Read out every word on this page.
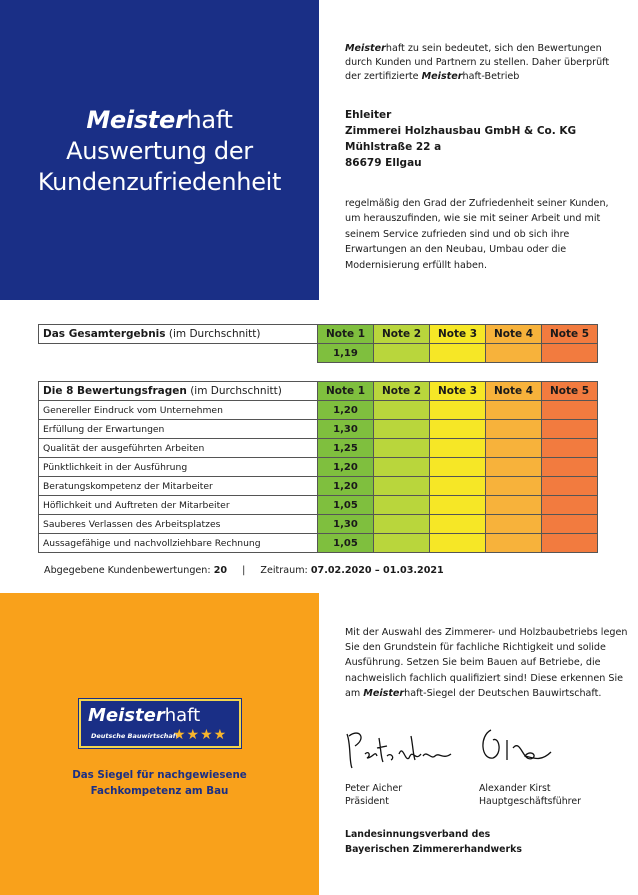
Meisterhaft
Auswertung der
Kundenzufriedenheit
Meisterhaft zu sein bedeutet, sich den Bewertungen durch Kunden und Partnern zu stellen. Daher überprüft der zertifizierte Meisterhaft-Betrieb
Ehleiter
Zimmerei Holzhausbau GmbH & Co. KG
Mühlstraße 22 a
86679 Ellgau
regelmäßig den Grad der Zufriedenheit seiner Kunden, um herauszufinden, wie sie mit seiner Arbeit und mit seinem Service zufrieden sind und ob sich ihre Erwartungen an den Neubau, Umbau oder die Modernisierung erfüllt haben.
Das Gesamtergebnis (im Durchschnitt)	Note 1	Note 2	Note 3	Note 4	Note 5
	1,19				
Die 8 Bewertungsfragen (im Durchschnitt)	Note 1	Note 2	Note 3	Note 4	Note 5
Genereller Eindruck vom Unternehmen	1,20				
Erfüllung der Erwartungen	1,30				
Qualität der ausgeführten Arbeiten	1,25				
Pünktlichkeit in der Ausführung	1,20				
Beratungskompetenz der Mitarbeiter	1,20				
Höflichkeit und Auftreten der Mitarbeiter	1,05				
Sauberes Verlassen des Arbeitsplatzes	1,30				
Aussagefähige und nachvollziehbare Rechnung	1,05				
Abgegebene Kundenbewertungen: 20 | Zeitraum: 07.02.2020 – 01.03.2021
Meisterhaft
Deutsche Bauwirtschaft
★★★★
Das Siegel für nachgewiesene
Fachkompetenz am Bau
Mit der Auswahl des Zimmerer- und Holzbaubetriebs legen Sie den Grundstein für fachliche Richtigkeit und solide Ausführung. Setzen Sie beim Bauen auf Betriebe, die nachweislich fachlich qualifiziert sind! Diese erkennen Sie am Meisterhaft-Siegel der Deutschen Bauwirtschaft.
Peter Aicher
Präsident
Alexander Kirst
Hauptgeschäftsführer
Landesinnungsverband des
Bayerischen Zimmererhandwerks
